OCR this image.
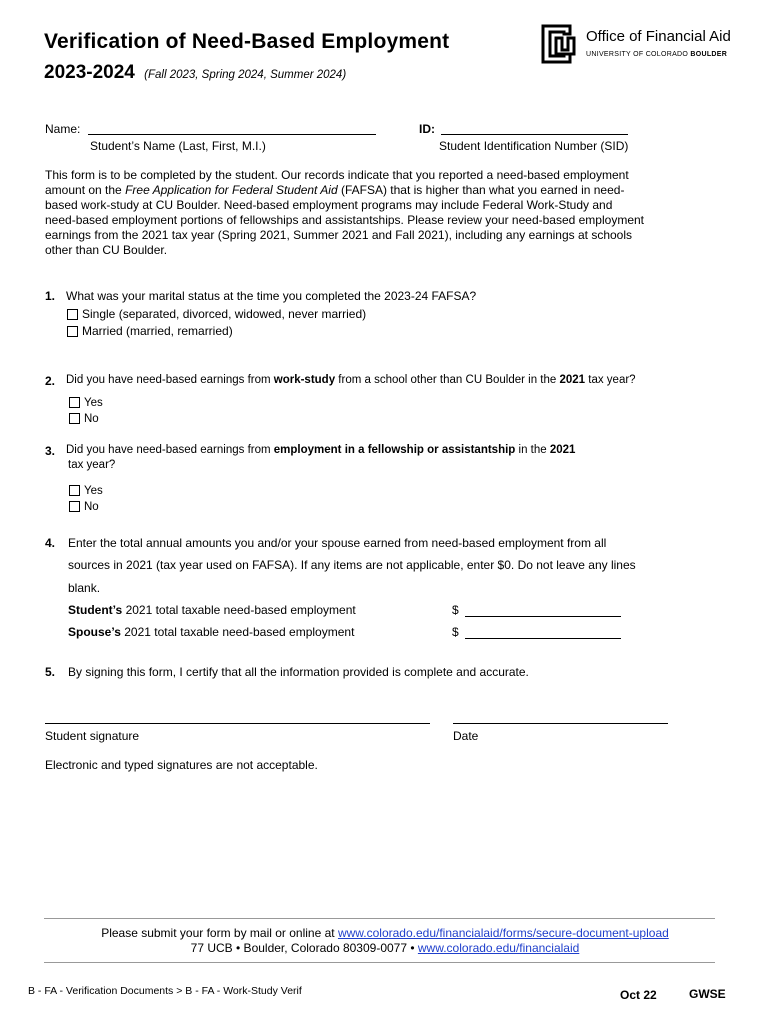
Verification of Need-Based Employment
2023-2024 (Fall 2023, Spring 2024, Summer 2024)
Office of Financial Aid
UNIVERSITY OF COLORADO BOULDER
Name:
Student’s Name (Last, First, M.I.)
ID:
Student Identification Number (SID)
This form is to be completed by the student. Our records indicate that you reported a need-based employment amount on the Free Application for Federal Student Aid (FAFSA) that is higher than what you earned in need-based work-study at CU Boulder. Need-based employment programs may include Federal Work-Study and need-based employment portions of fellowships and assistantships. Please review your need-based employment earnings from the 2021 tax year (Spring 2021, Summer 2021 and Fall 2021), including any earnings at schools other than CU Boulder.
1. What was your marital status at the time you completed the 2023-24 FAFSA?
Single (separated, divorced, widowed, never married)
Married (married, remarried)
2. Did you have need-based earnings from work-study from a school other than CU Boulder in the 2021 tax year?
Yes
No
3. Did you have need-based earnings from employment in a fellowship or assistantship in the 2021
tax year?
Yes
No
4. Enter the total annual amounts you and/or your spouse earned from need-based employment from all
sources in 2021 (tax year used on FAFSA). If any items are not applicable, enter $0. Do not leave any lines
blank.
Student’s 2021 total taxable need-based employment	$
Spouse’s 2021 total taxable need-based employment	$
5. By signing this form, I certify that all the information provided is complete and accurate.
Student signature	Date
Electronic and typed signatures are not acceptable.
Please submit your form by mail or online at www.colorado.edu/financialaid/forms/secure-document-upload
77 UCB • Boulder, Colorado 80309-0077 • www.colorado.edu/financialaid
B - FA - Verification Documents > B - FA - Work-Study Verif	Oct 22	GWSE
